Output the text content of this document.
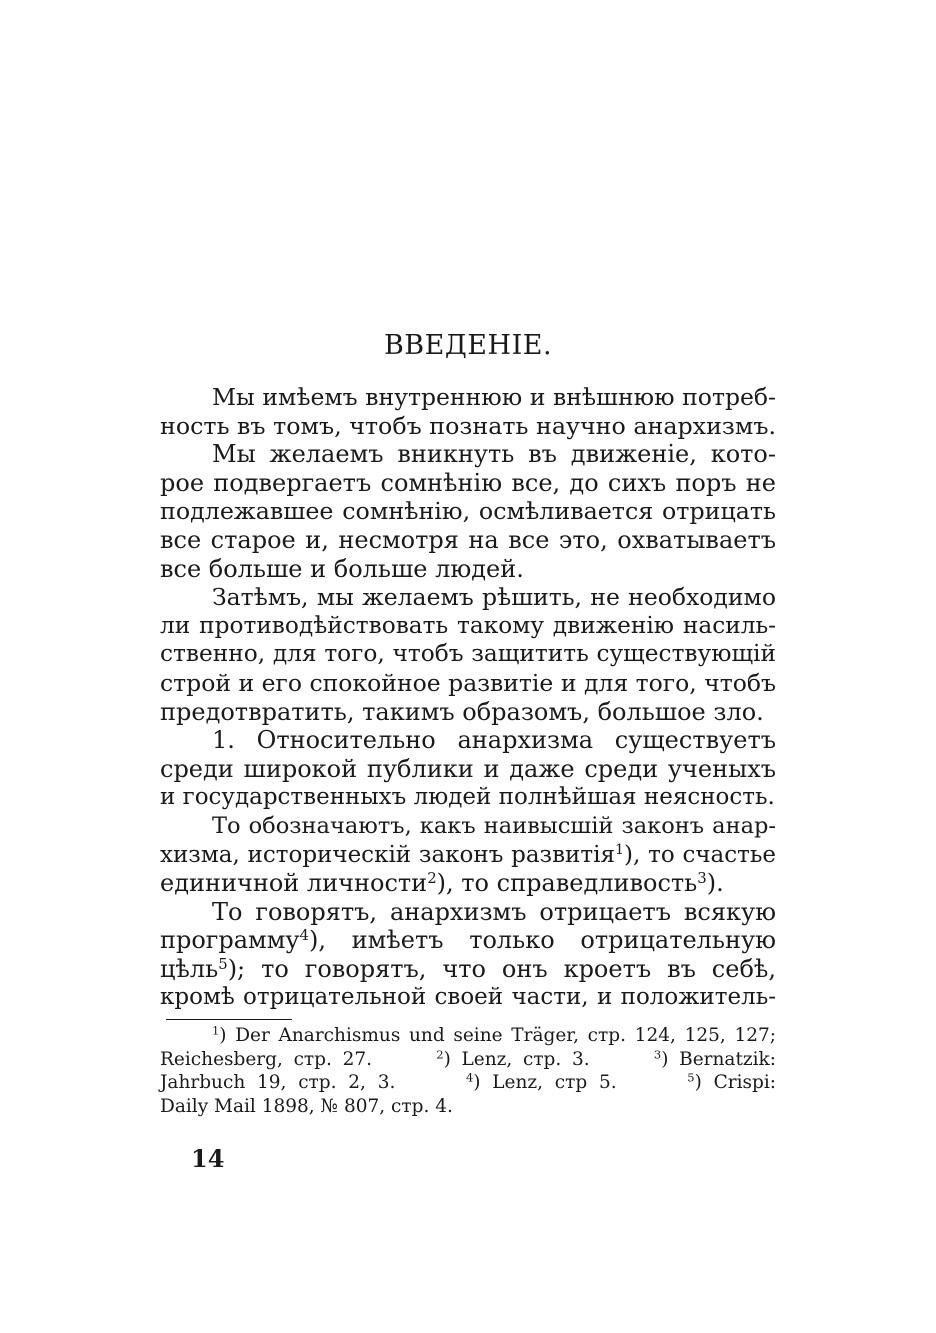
ВВЕДЕНІЕ.
Мы имѣемъ внутреннюю и внѣшнюю потреб-
ность въ томъ, чтобъ познать научно анархизмъ.
Мы желаемъ вникнуть въ движеніе, кото-
рое подвергаетъ сомнѣнію все, до сихъ поръ не
подлежавшее сомнѣнію, осмѣливается отрицать
все старое и, несмотря на все это, охватываетъ
все больше и больше людей.
Затѣмъ, мы желаемъ рѣшить, не необходимо
ли противодѣйствовать такому движенію насиль-
ственно, для того, чтобъ защитить существующій
строй и его спокойное развитіе и для того, чтобъ
предотвратить, такимъ образомъ, большое зло.
1. Относительно анархизма существуетъ
среди широкой публики и даже среди ученыхъ
и государственныхъ людей полнѣйшая неясность.
То обозначаютъ, какъ наивысшій законъ анар-
хизма, историческій законъ развитія$^1$), то счастье
единичной личности$^2$), то справедливость$^3$).
То говорятъ, анархизмъ отрицаетъ всякую
программу$^4$), имѣетъ только отрицательную
цѣль$^5$); то говорятъ, что онъ кроетъ въ себѣ,
кромѣ отрицательной своей части, и положитель-
$^1$) Der Anarchismus und seine Träger, стр. 124, 125, 127;
Reichesberg, стр. 27.	$^2$) Lenz, стр. 3.	$^3$) Bernatzik:
Jahrbuch 19, стр. 2, 3.	$^4$) Lenz, стр 5.	$^5$) Crispi:
Daily Mail 1898, № 807, стр. 4.
14
